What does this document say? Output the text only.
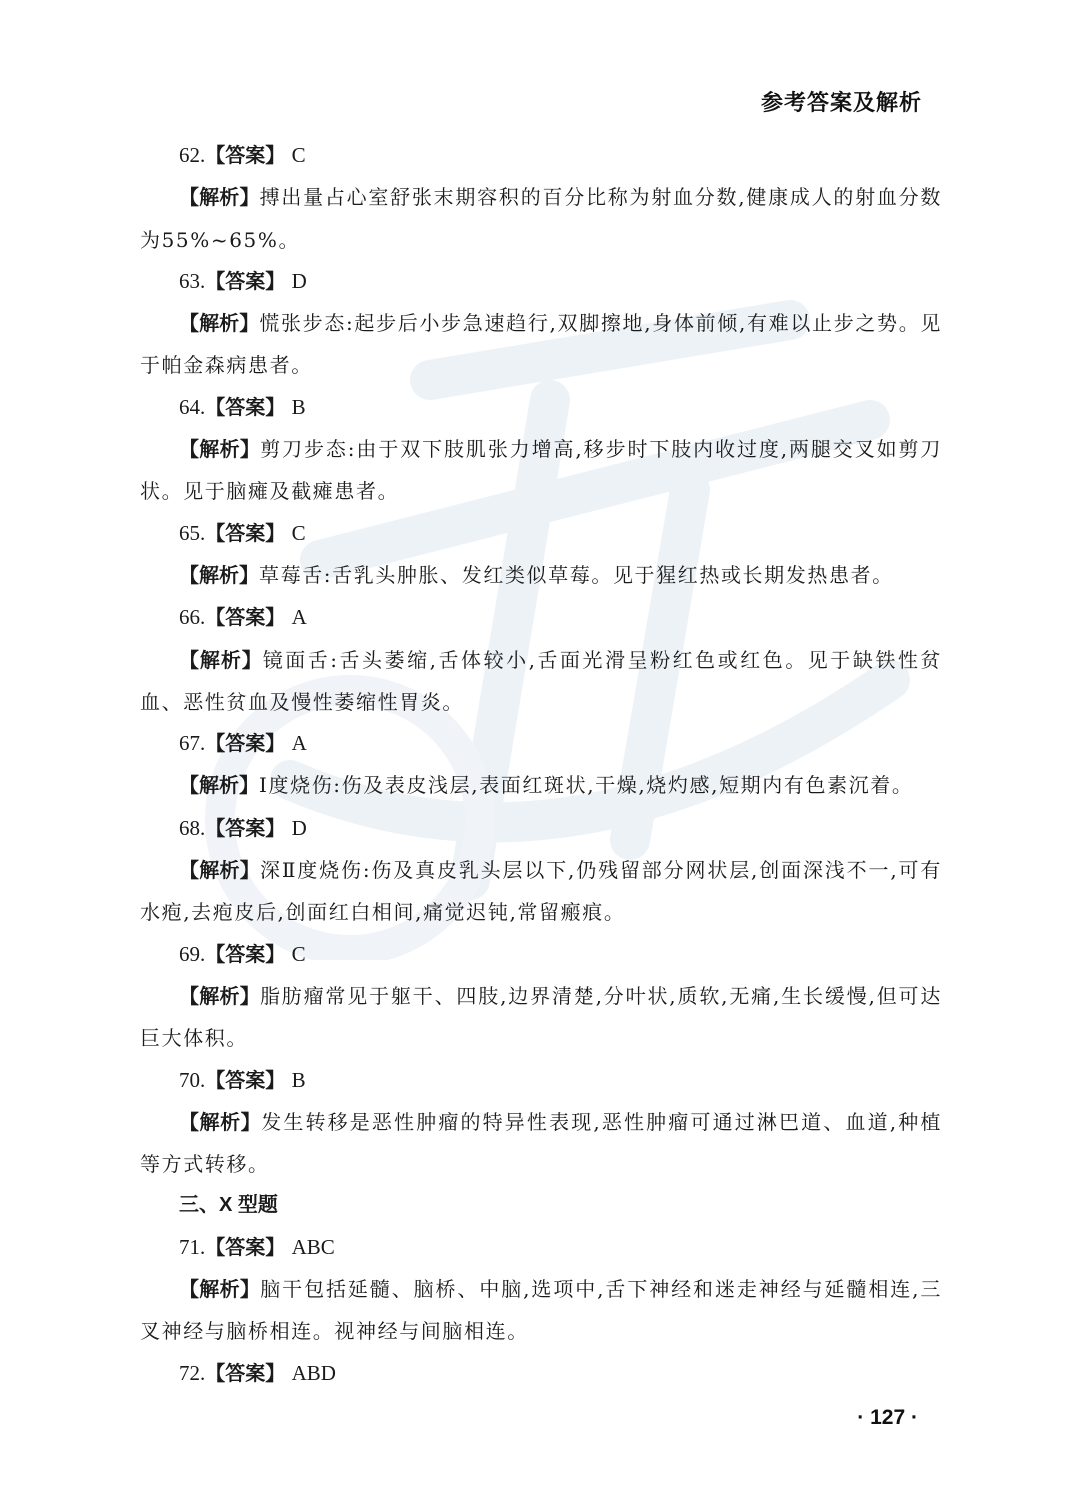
参考答案及解析
62.【答案】 C
【解析】搏出量占心室舒张末期容积的百分比称为射血分数,健康成人的射血分数为55%~65%。
63.【答案】 D
【解析】慌张步态:起步后小步急速趋行,双脚擦地,身体前倾,有难以止步之势。见于帕金森病患者。
64.【答案】 B
【解析】剪刀步态:由于双下肢肌张力增高,移步时下肢内收过度,两腿交叉如剪刀状。见于脑瘫及截瘫患者。
65.【答案】 C
【解析】草莓舌:舌乳头肿胀、发红类似草莓。见于猩红热或长期发热患者。
66.【答案】 A
【解析】镜面舌:舌头萎缩,舌体较小,舌面光滑呈粉红色或红色。见于缺铁性贫血、恶性贫血及慢性萎缩性胃炎。
67.【答案】 A
【解析】Ⅰ度烧伤:伤及表皮浅层,表面红斑状,干燥,烧灼感,短期内有色素沉着。
68.【答案】 D
【解析】深Ⅱ度烧伤:伤及真皮乳头层以下,仍残留部分网状层,创面深浅不一,可有水疱,去疱皮后,创面红白相间,痛觉迟钝,常留瘢痕。
69.【答案】 C
【解析】脂肪瘤常见于躯干、四肢,边界清楚,分叶状,质软,无痛,生长缓慢,但可达巨大体积。
70.【答案】 B
【解析】发生转移是恶性肿瘤的特异性表现,恶性肿瘤可通过淋巴道、血道,种植等方式转移。
三、X 型题
71.【答案】 ABC
【解析】脑干包括延髓、脑桥、中脑,选项中,舌下神经和迷走神经与延髓相连,三叉神经与脑桥相连。视神经与间脑相连。
72.【答案】 ABD
· 127 ·
